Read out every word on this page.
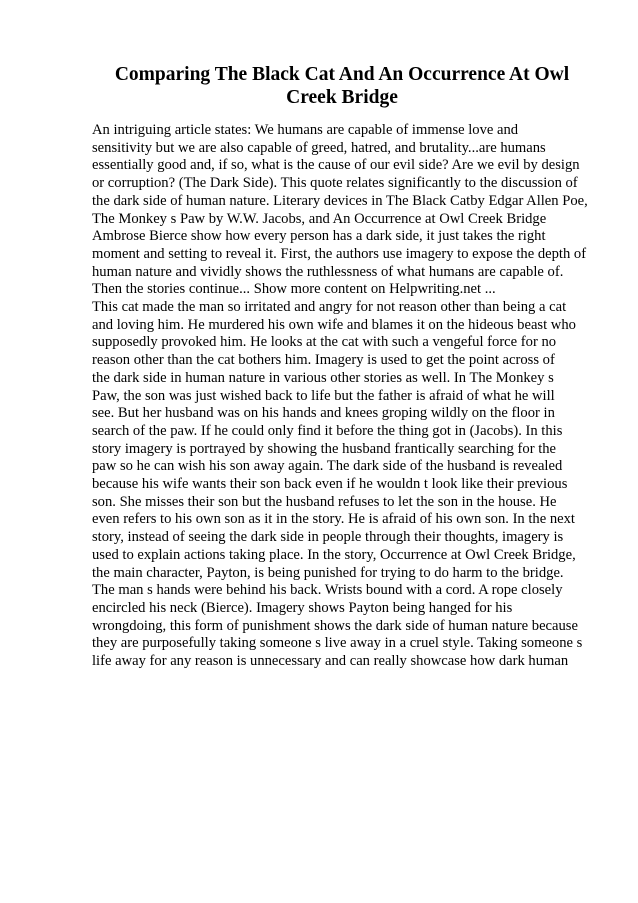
Comparing The Black Cat And An Occurrence At Owl
Creek Bridge
An intriguing article states: We humans are capable of immense love and
sensitivity but we are also capable of greed, hatred, and brutality...are humans
essentially good and, if so, what is the cause of our evil side? Are we evil by design
or corruption? (The Dark Side). This quote relates significantly to the discussion of
the dark side of human nature. Literary devices in The Black Catby Edgar Allen Poe,
The Monkey s Paw by W.W. Jacobs, and An Occurrence at Owl Creek Bridge
Ambrose Bierce show how every person has a dark side, it just takes the right
moment and setting to reveal it. First, the authors use imagery to expose the depth of
human nature and vividly shows the ruthlessness of what humans are capable of.
Then the stories continue... Show more content on Helpwriting.net ...
This cat made the man so irritated and angry for not reason other than being a cat
and loving him. He murdered his own wife and blames it on the hideous beast who
supposedly provoked him. He looks at the cat with such a vengeful force for no
reason other than the cat bothers him. Imagery is used to get the point across of
the dark side in human nature in various other stories as well. In The Monkey s
Paw, the son was just wished back to life but the father is afraid of what he will
see. But her husband was on his hands and knees groping wildly on the floor in
search of the paw. If he could only find it before the thing got in (Jacobs). In this
story imagery is portrayed by showing the husband frantically searching for the
paw so he can wish his son away again. The dark side of the husband is revealed
because his wife wants their son back even if he wouldn t look like their previous
son. She misses their son but the husband refuses to let the son in the house. He
even refers to his own son as it in the story. He is afraid of his own son. In the next
story, instead of seeing the dark side in people through their thoughts, imagery is
used to explain actions taking place. In the story, Occurrence at Owl Creek Bridge,
the main character, Payton, is being punished for trying to do harm to the bridge.
The man s hands were behind his back. Wrists bound with a cord. A rope closely
encircled his neck (Bierce). Imagery shows Payton being hanged for his
wrongdoing, this form of punishment shows the dark side of human nature because
they are purposefully taking someone s live away in a cruel style. Taking someone s
life away for any reason is unnecessary and can really showcase how dark human
